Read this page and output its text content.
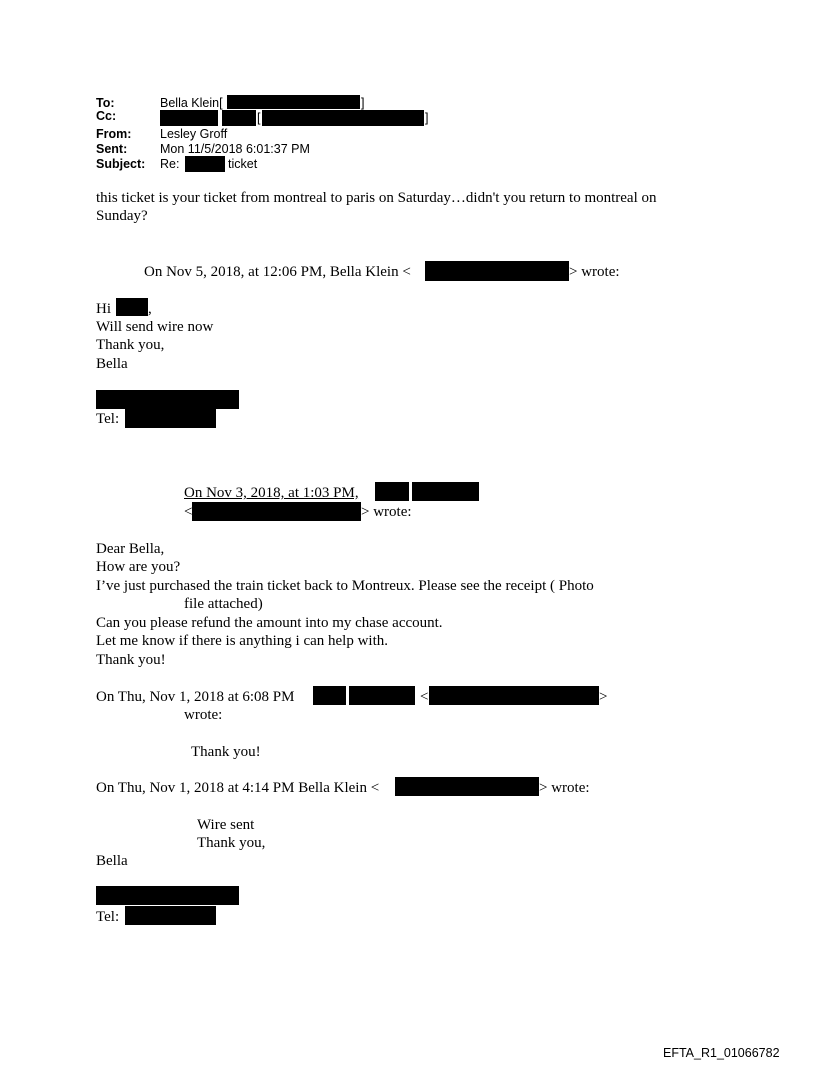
To:	Bella Klein[	]
Cc:	[	]
From: Lesley Groff
Sent:	Mon 11/5/2018 6:01:37 PM
Subject: Re:	ticket
this ticket is your ticket from montreal to paris on Saturday…didn't you return to montreal on
Sunday?
On Nov 5, 2018, at 12:06 PM, Bella Klein <	> wrote:
Hi ,
Will send wire now
Thank you,
Bella
Tel:
On Nov 3, 2018, at 1:03 PM,
<	> wrote:
Dear Bella,
How are you?
I’ve just purchased the train ticket back to Montreux. Please see the receipt ( Photo
file attached)
Can you please refund the amount into my chase account.
Let me know if there is anything i can help with.
Thank you!
On Thu, Nov 1, 2018 at 6:08 PM	<	>
wrote:
Thank you!
On Thu, Nov 1, 2018 at 4:14 PM Bella Klein <	> wrote:
Wire sent
Thank you,
Bella
Tel:
EFTA_R1_01066782
